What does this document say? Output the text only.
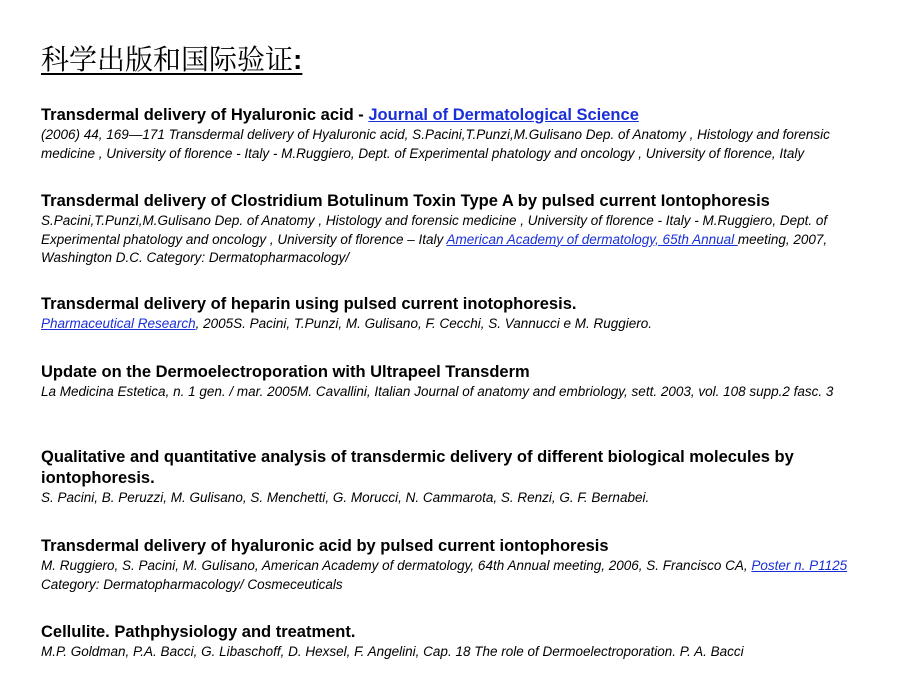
科学出版和国际验证:

Transdermal delivery of Hyaluronic acid - Journal of Dermatological Science

(2006) 44, 169—171 Transdermal delivery of Hyaluronic acid, S.Pacini,T.Punzi,M.Gulisano Dep. of Anatomy , Histology and forensic medicine , University of florence - Italy - M.Ruggiero, Dept. of Experimental phatology and oncology , University of florence, Italy

Transdermal delivery of Clostridium Botulinum Toxin Type A by pulsed current Iontophoresis

S.Pacini,T.Punzi,M.Gulisano Dep. of Anatomy , Histology and forensic medicine , University of florence - Italy - M.Ruggiero, Dept. of Experimental phatology and oncology , University of florence – Italy American Academy of dermatology, 65th Annual meeting, 2007, Washington D.C. Category: Dermatopharmacology/

Transdermal delivery of heparin using pulsed current inotophoresis.

Pharmaceutical Research, 2005S. Pacini, T.Punzi, M. Gulisano, F. Cecchi, S. Vannucci e M. Ruggiero.

Update on the Dermoelectroporation with Ultrapeel Transderm

La Medicina Estetica, n. 1 gen. / mar. 2005M. Cavallini, Italian Journal of anatomy and embriology, sett. 2003, vol. 108 supp.2 fasc. 3

Qualitative and quantitative analysis of transdermic delivery of different biological molecules by iontophoresis.

S. Pacini, B. Peruzzi, M. Gulisano, S. Menchetti, G. Morucci, N. Cammarota, S. Renzi, G. F. Bernabei.

Transdermal delivery of hyaluronic acid by pulsed current iontophoresis

M. Ruggiero, S. Pacini, M. Gulisano, American Academy of dermatology, 64th Annual meeting, 2006, S. Francisco CA, Poster n. P1125 Category: Dermatopharmacology/ Cosmeceuticals

Cellulite. Pathphysiology and treatment.

M.P. Goldman, P.A. Bacci, G. Libaschoff, D. Hexsel, F. Angelini, Cap. 18 The role of Dermoelectroporation. P. A. Bacci
